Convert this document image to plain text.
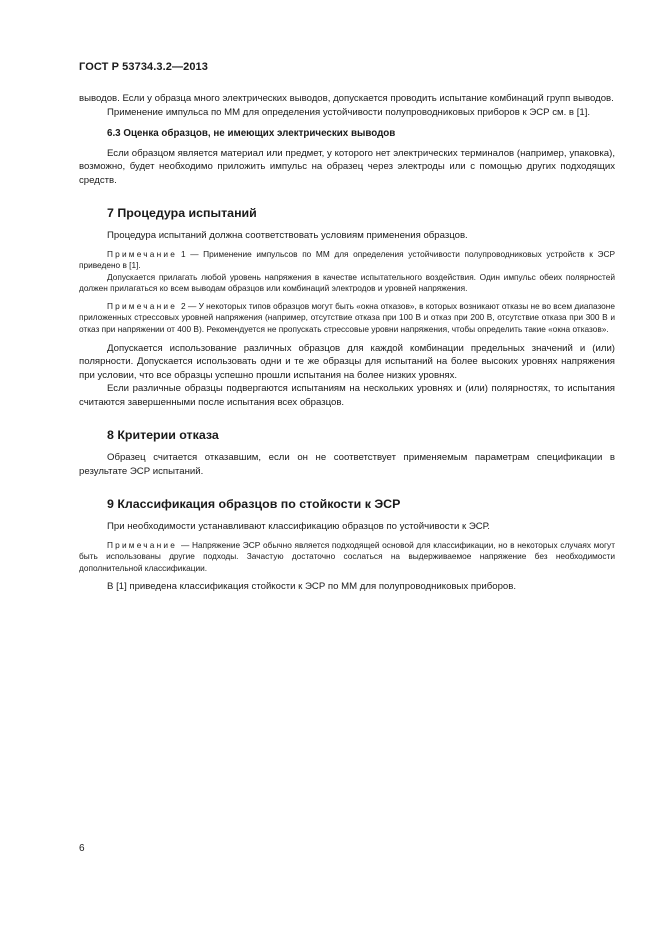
ГОСТ Р 53734.3.2—2013

выводов. Если у образца много электрических выводов, допускается проводить испытание комбинаций групп выводов.

Применение импульса по ММ для определения устойчивости полупроводниковых приборов к ЭСР см. в [1].

6.3 Оценка образцов, не имеющих электрических выводов

Если образцом является материал или предмет, у которого нет электрических терминалов (например, упаковка), возможно, будет необходимо приложить импульс на образец через электроды или с помощью других подходящих средств.

7 Процедура испытаний

Процедура испытаний должна соответствовать условиям применения образцов.

Примечание 1 — Применение импульсов по ММ для определения устойчивости полупроводниковых устройств к ЭСР приведено в [1].

Допускается прилагать любой уровень напряжения в качестве испытательного воздействия. Один импульс обеих полярностей должен прилагаться ко всем выводам образцов или комбинаций электродов и уровней напряжения.

Примечание 2 — У некоторых типов образцов могут быть «окна отказов», в которых возникают отказы не во всем диапазоне приложенных стрессовых уровней напряжения (например, отсутствие отказа при 100 В и отказ при 200 В, отсутствие отказа при 300 В и отказ при напряжении от 400 В). Рекомендуется не пропускать стрессовые уровни напряжения, чтобы определить такие «окна отказов».

Допускается использование различных образцов для каждой комбинации предельных значений и (или) полярности. Допускается использовать одни и те же образцы для испытаний на более высоких уровнях напряжения при условии, что все образцы успешно прошли испытания на более низких уровнях.

Если различные образцы подвергаются испытаниям на нескольких уровнях и (или) полярностях, то испытания считаются завершенными после испытания всех образцов.

8 Критерии отказа

Образец считается отказавшим, если он не соответствует применяемым параметрам спецификации в результате ЭСР испытаний.

9 Классификация образцов по стойкости к ЭСР

При необходимости устанавливают классификацию образцов по устойчивости к ЭСР.

Примечание — Напряжение ЭСР обычно является подходящей основой для классификации, но в некоторых случаях могут быть использованы другие подходы. Зачастую достаточно сослаться на выдерживаемое напряжение без необходимости дополнительной классификации.

В [1] приведена классификация стойкости к ЭСР по ММ для полупроводниковых приборов.

6
